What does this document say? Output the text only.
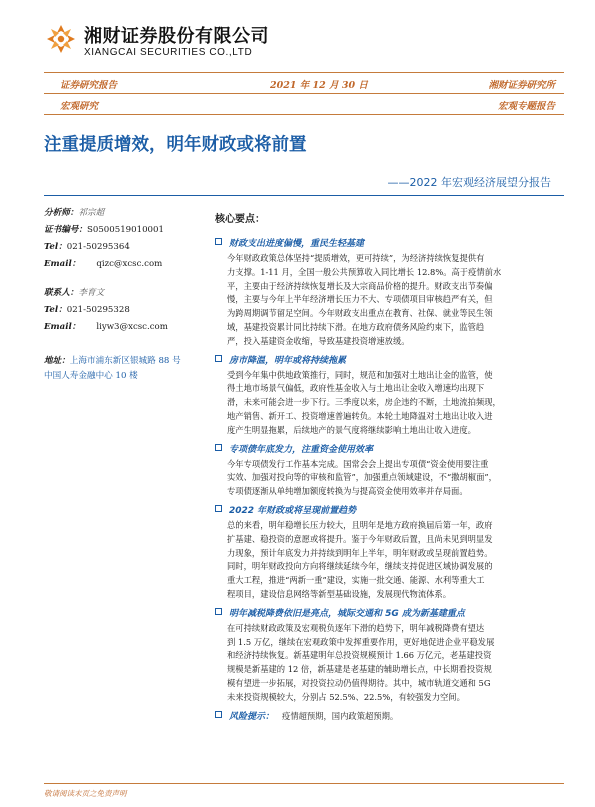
湘财证券股份有限公司
XIANGCAI SECURITIES CO.,LTD
证券研究报告	2021 年 12 月 30 日	湘财证券研究所
宏观研究	宏观专题报告
注重提质增效，明年财政或将前置
——2022 年宏观经济展望分报告
分析师：祁宗超
证书编号：S0500519010001
Tel：021-50295364
Email： qizc@xcsc.com
联系人：李育文
Tel：021-50295328
Email： liyw3@xcsc.com
地址：上海市浦东新区银城路 88 号
中国人寿金融中心 10 楼
核心要点：
财政支出进度偏慢，重民生轻基建
今年财政政策总体坚持“提质增效，更可持续”，为经济持续恢复提供有
力支撑。1-11 月，全国一般公共预算收入同比增长 12.8%。高于疫情前水
平，主要由于经济持续恢复增长及大宗商品价格的提升。财政支出节奏偏
慢，主要与今年上半年经济增长压力不大、专项债项目审核趋严有关，但
为跨周期调节留足空间。今年财政支出重点在教育、社保、就业等民生领
域，基建投资累计同比持续下滑。在地方政府债务风险约束下，监管趋
严，投入基建资金收缩，导致基建投资增速放缓。
房市降温，明年或将持续拖累
受到今年集中供地政策推行，同时，规范和加强对土地出让金的监管，使
得土地市场景气偏低，政府性基金收入与土地出让金收入增速均出现下
滑，未来可能会进一步下行。三季度以来，房企违约不断，土地流拍频现，
地产销售、新开工、投资增速普遍转负。本轮土地降温对土地出让收入进
度产生明显拖累，后续地产的景气度将继续影响土地出让收入进度。
专项债年底发力，注重资金使用效率
今年专项债发行工作基本完成。国常会会上提出专项债“资金使用要注重
实效、加强对投向等的审核和监管”，加强重点领域建设，不“撒胡椒面”，
专项债逐渐从单纯增加额度转换为与提高资金使用效率并存局面。
2022 年财政或将呈现前置趋势
总的来看，明年稳增长压力较大，且明年是地方政府换届后第一年，政府
扩基建、稳投资的意愿或将提升。鉴于今年财政后置，且尚未见到明显发
力现象，预计年底发力并持续到明年上半年，明年财政或呈现前置趋势。
同时，明年财政投向方向将继续延续今年，继续支持促进区域协调发展的
重大工程，推进“两新一重”建设，实施一批交通、能源、水利等重大工
程项目，建设信息网络等新型基础设施，发展现代物流体系。
明年减税降费依旧是亮点，城际交通和 5G 成为新基建重点
在可持续财政政策及宏观税负逐年下滑的趋势下，明年减税降费有望达
到 1.5 万亿，继续在宏观政策中发挥重要作用，更好地促进企业平稳发展
和经济持续恢复。新基建明年总投资规模预计 1.66 万亿元，老基建投资
规模是新基建的 12 倍，新基建是老基建的辅助增长点，中长期看投资规
模有望进一步拓展，对投资拉动仍值得期待。其中，城市轨道交通和 5G
未来投资规模较大，分别占 52.5%、22.5%，有较强发力空间。
风险提示： 疫情超预期，国内政策超预期。
敬请阅读末页之免责声明
